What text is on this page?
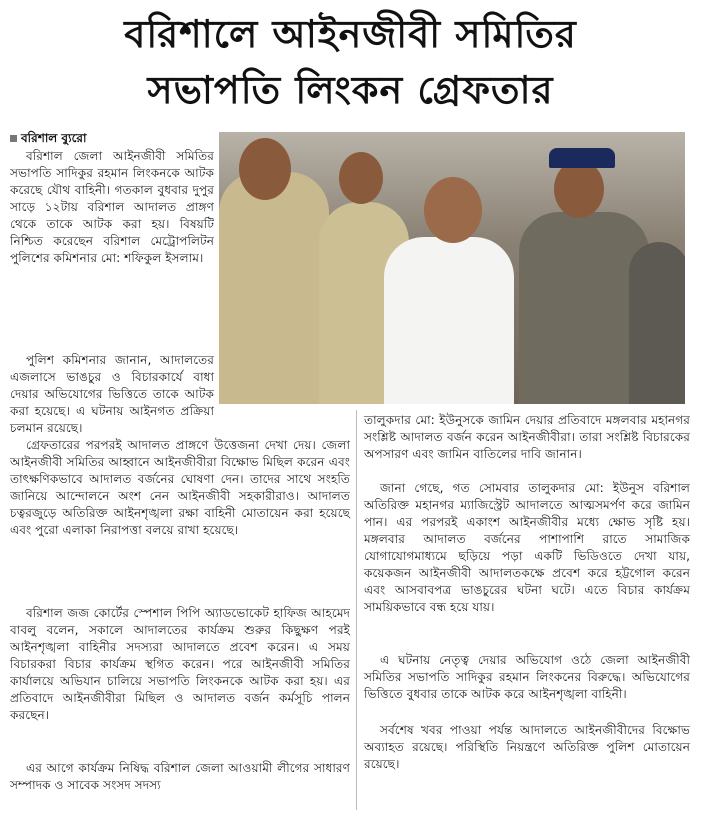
বরিশালে আইনজীবী সমিতির
সভাপতি লিংকন গ্রেফতার
বরিশাল ব্যুরো

বরিশাল জেলা আইনজীবী সমিতির সভাপতি সাদিকুর রহমান লিংকনকে আটক করেছে যৌথ বাহিনী। গতকাল বুধবার দুপুর সাড়ে ১২টায় বরিশাল আদালত প্রাঙ্গণ থেকে তাকে আটক করা হয়। বিষয়টি নিশ্চিত করেছেন বরিশাল মেট্রোপলিটন পুলিশের কমিশনার মো: শফিকুল ইসলাম।

পুলিশ কমিশনার জানান, আদালতের এজলাসে ভাঙচুর ও বিচারকার্যে বাধা দেয়ার অভিযোগের ভিত্তিতে তাকে আটক করা হয়েছে। এ ঘটনায় আইনগত প্রক্রিয়া চলমান রয়েছে।

গ্রেফতারের পরপরই আদালত প্রাঙ্গণে উত্তেজনা দেখা দেয়। জেলা আইনজীবী সমিতির আহ্বানে আইনজীবীরা বিক্ষোভ মিছিল করেন এবং তাৎক্ষণিকভাবে আদালত বর্জনের ঘোষণা দেন। তাদের সাথে সংহতি জানিয়ে আন্দোলনে অংশ নেন আইনজীবী সহকারীরাও। আদালত চত্বরজুড়ে অতিরিক্ত আইনশৃঙ্খলা রক্ষা বাহিনী মোতায়েন করা হয়েছে এবং পুরো এলাকা নিরাপত্তা বলয়ে রাখা হয়েছে।

বরিশাল জজ কোর্টের স্পেশাল পিপি অ্যাডভোকেট হাফিজ আহমেদ বাবলু বলেন, সকালে আদালতের কার্যক্রম শুরুর কিছুক্ষণ পরই আইনশৃঙ্খলা বাহিনীর সদস্যরা আদালতে প্রবেশ করেন। এ সময় বিচারকরা বিচার কার্যক্রম স্থগিত করেন। পরে আইনজীবী সমিতির কার্যালয়ে অভিযান চালিয়ে সভাপতি লিংকনকে আটক করা হয়। এর প্রতিবাদে আইনজীবীরা মিছিল ও আদালত বর্জন কর্মসূচি পালন করছেন।

এর আগে কার্যক্রম নিষিদ্ধ বরিশাল জেলা আওয়ামী লীগের সাধারণ সম্পাদক ও সাবেক সংসদ সদস্য

তালুকদার মো: ইউনুসকে জামিন দেয়ার প্রতিবাদে মঙ্গলবার মহানগর সংশ্লিষ্ট আদালত বর্জন করেন আইনজীবীরা। তারা সংশ্লিষ্ট বিচারকের অপসারণ এবং জামিন বাতিলের দাবি জানান।

জানা গেছে, গত সোমবার তালুকদার মো: ইউনুস বরিশাল অতিরিক্ত মহানগর ম্যাজিস্ট্রেট আদালতে আত্মসমর্পণ করে জামিন পান। এর পরপরই একাংশ আইনজীবীর মধ্যে ক্ষোভ সৃষ্টি হয়। মঙ্গলবার আদালত বর্জনের পাশাপাশি রাতে সামাজিক যোগাযোগমাধ্যমে ছড়িয়ে পড়া একটি ভিডিওতে দেখা যায়, কয়েকজন আইনজীবী আদালতকক্ষে প্রবেশ করে হট্টগোল করেন এবং আসবাবপত্র ভাঙচুরের ঘটনা ঘটে। এতে বিচার কার্যক্রম সাময়িকভাবে বন্ধ হয়ে যায়।

এ ঘটনায় নেতৃত্ব দেয়ার অভিযোগ ওঠে জেলা আইনজীবী সমিতির সভাপতি সাদিকুর রহমান লিংকনের বিরুদ্ধে। অভিযোগের ভিত্তিতে বুধবার তাকে আটক করে আইনশৃঙ্খলা বাহিনী।

সর্বশেষ খবর পাওয়া পর্যন্ত আদালতে আইনজীবীদের বিক্ষোভ অব্যাহত রয়েছে। পরিস্থিতি নিয়ন্ত্রণে অতিরিক্ত পুলিশ মোতায়েন রয়েছে।
